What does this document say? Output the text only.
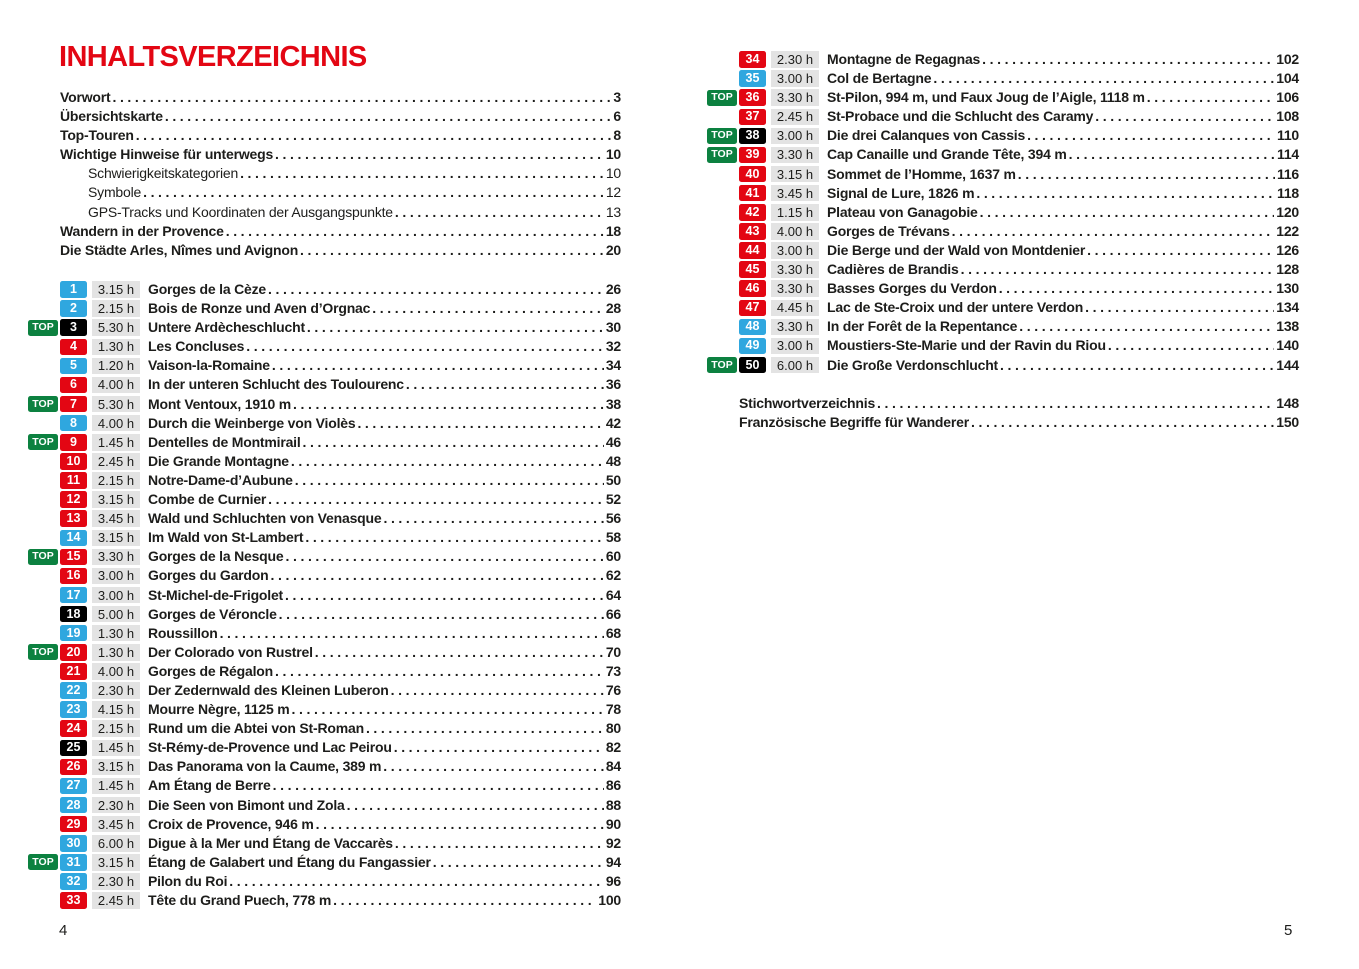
INHALTSVERZEICHNIS
Vorwort .....	3
Übersichtskarte .....	6
Top-Touren .....	8
Wichtige Hinweise für unterwegs .....	10
Schwierigkeitskategorien .....	10
Symbole .....	12
GPS-Tracks und Koordinaten der Ausgangspunkte .....	13
Wandern in der Provence .....	18
Die Städte Arles, Nîmes und Avignon .....	20
1	3.15 h Gorges de la Cèze .....	26
2	2.15 h Bois de Ronze und Aven d’Orgnac .....	28
TOP	3	5.30 h Untere Ardècheschlucht .....	30
4	1.30 h Les Concluses .....	32
5	1.20 h Vaison-la-Romaine .....	34
6	4.00 h In der unteren Schlucht des Toulourenc .....	36
TOP	7	5.30 h Mont Ventoux, 1910 m .....	38
8	4.00 h Durch die Weinberge von Violès .....	42
TOP	9	1.45 h Dentelles de Montmirail .....	46
10	2.45 h Die Grande Montagne .....	48
11	2.15 h Notre-Dame-d’Aubune .....	50
12	3.15 h Combe de Curnier .....	52
13	3.45 h Wald und Schluchten von Venasque .....	56
14	3.15 h Im Wald von St-Lambert .....	58
TOP	15	3.30 h Gorges de la Nesque .....	60
16	3.00 h Gorges du Gardon .....	62
17	3.00 h St-Michel-de-Frigolet .....	64
18	5.00 h Gorges de Véroncle .....	66
19	1.30 h Roussillon .....	68
TOP	20	1.30 h Der Colorado von Rustrel .....	70
21	4.00 h Gorges de Régalon .....	73
22	2.30 h Der Zedernwald des Kleinen Luberon .....	76
23	4.15 h Mourre Nègre, 1125 m .....	78
24	2.15 h Rund um die Abtei von St-Roman .....	80
25	1.45 h St-Rémy-de-Provence und Lac Peirou .....	82
26	3.15 h Das Panorama von la Caume, 389 m .....	84
27	1.45 h Am Étang de Berre .....	86
28	2.30 h Die Seen von Bimont und Zola .....	88
29	3.45 h Croix de Provence, 946 m .....	90
30	6.00 h Digue à la Mer und Étang de Vaccarès .....	92
TOP	31	3.15 h Étang de Galabert und Étang du Fangassier .....	94
32	2.30 h Pilon du Roi .....	96
33	2.45 h Tête du Grand Puech, 778 m .....	100
34	2.30 h Montagne de Regagnas .....	102
35	3.00 h Col de Bertagne .....	104
TOP	36	3.30 h St-Pilon, 994 m, und Faux Joug de l’Aigle, 1118 m .....	106
37	2.45 h St-Probace und die Schlucht des Caramy .....	108
TOP	38	3.00 h Die drei Calanques von Cassis .....	110
TOP	39	3.30 h Cap Canaille und Grande Tête, 394 m .....	114
40	3.15 h Sommet de l’Homme, 1637 m .....	116
41	3.45 h Signal de Lure, 1826 m .....	118
42	1.15 h Plateau von Ganagobie .....	120
43	4.00 h Gorges de Trévans .....	122
44	3.00 h Die Berge und der Wald von Montdenier .....	126
45	3.30 h Cadières de Brandis .....	128
46	3.30 h Basses Gorges du Verdon .....	130
47	4.45 h Lac de Ste-Croix und der untere Verdon .....	134
48	3.30 h In der Forêt de la Repentance .....	138
49	3.00 h Moustiers-Ste-Marie und der Ravin du Riou .....	140
TOP	50	6.00 h Die Große Verdonschlucht .....	144
Stichwortverzeichnis .....	148
Französische Begriffe für Wanderer .....	150
4	5
